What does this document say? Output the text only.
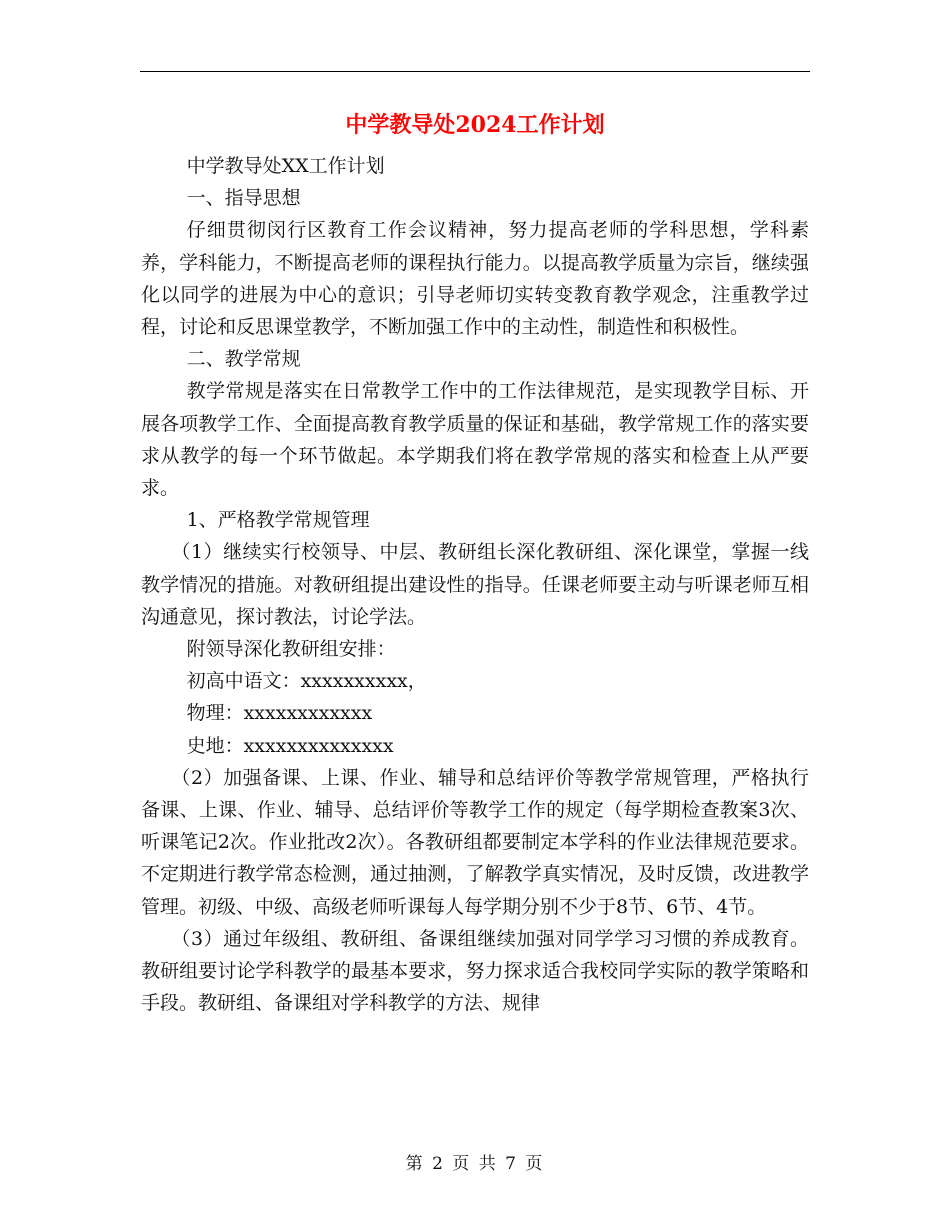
中学教导处2024工作计划

中学教导处XX工作计划

一、指导思想

仔细贯彻闵行区教育工作会议精神，努力提高老师的学科思想，学科素养，学科能力，不断提高老师的课程执行能力。以提高教学质量为宗旨，继续强化以同学的进展为中心的意识；引导老师切实转变教育教学观念，注重教学过程，讨论和反思课堂教学，不断加强工作中的主动性，制造性和积极性。

二、教学常规

教学常规是落实在日常教学工作中的工作法律规范，是实现教学目标、开展各项教学工作、全面提高教育教学质量的保证和基础，教学常规工作的落实要求从教学的每一个环节做起。本学期我们将在教学常规的落实和检查上从严要求。

1、严格教学常规管理

（1）继续实行校领导、中层、教研组长深化教研组、深化课堂，掌握一线教学情况的措施。对教研组提出建设性的指导。任课老师要主动与听课老师互相沟通意见，探讨教法，讨论学法。

附领导深化教研组安排：

初高中语文：xxxxxxxxxx，

物理：xxxxxxxxxxxx

史地：xxxxxxxxxxxxxx

（2）加强备课、上课、作业、辅导和总结评价等教学常规管理，严格执行备课、上课、作业、辅导、总结评价等教学工作的规定（每学期检查教案3次、听课笔记2次。作业批改2次）。各教研组都要制定本学科的作业法律规范要求。不定期进行教学常态检测，通过抽测，了解教学真实情况，及时反馈，改进教学管理。初级、中级、高级老师听课每人每学期分别不少于8节、6节、4节。

（3）通过年级组、教研组、备课组继续加强对同学学习习惯的养成教育。教研组要讨论学科教学的最基本要求，努力探求适合我校同学实际的教学策略和手段。教研组、备课组对学科教学的方法、规律

第 2 页 共 7 页
